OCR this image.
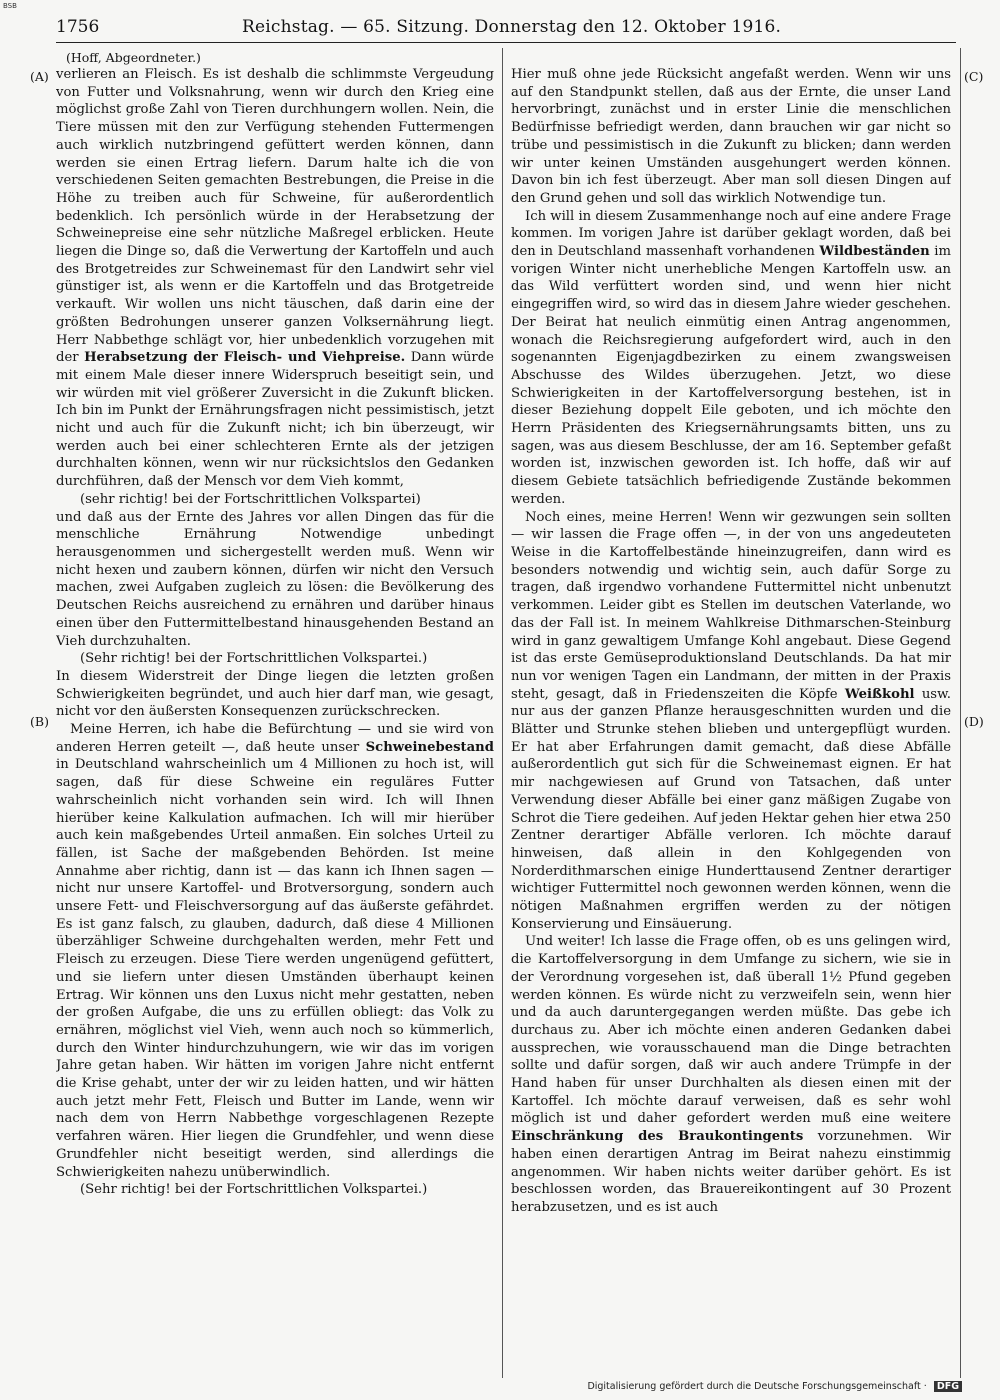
BSB
1756	Reichstag. — 65. Sitzung. Donnerstag den 12. Oktober 1916.
(Hoff, Abgeordneter.)
(A)
(B)
(C)
(D)

verlieren an Fleisch. Es ist deshalb die schlimmste Vergeudung von Futter und Volksnahrung, wenn wir durch den Krieg eine möglichst große Zahl von Tieren durchhungern wollen. Nein, die Tiere müssen mit den zur Verfügung stehenden Futtermengen auch wirklich nutzbringend gefüttert werden können, dann werden sie einen Ertrag liefern. Darum halte ich die von verschiedenen Seiten gemachten Bestrebungen, die Preise in die Höhe zu treiben auch für Schweine, für außerordentlich bedenklich. Ich persönlich würde in der Herabsetzung der Schweinepreise eine sehr nützliche Maßregel erblicken. Heute liegen die Dinge so, daß die Verwertung der Kartoffeln und auch des Brotgetreides zur Schweinemast für den Landwirt sehr viel günstiger ist, als wenn er die Kartoffeln und das Brotgetreide verkauft. Wir wollen uns nicht täuschen, daß darin eine der größten Bedrohungen unserer ganzen Volksernährung liegt. Herr Nabbethge schlägt vor, hier unbedenklich vorzugehen mit der Herabsetzung der Fleisch- und Viehpreise. Dann würde mit einem Male dieser innere Widerspruch beseitigt sein, und wir würden mit viel größerer Zuversicht in die Zukunft blicken. Ich bin im Punkt der Ernährungsfragen nicht pessimistisch, jetzt nicht und auch für die Zukunft nicht; ich bin überzeugt, wir werden auch bei einer schlechteren Ernte als der jetzigen durchhalten können, wenn wir nur rücksichtslos den Gedanken durchführen, daß der Mensch vor dem Vieh kommt,

(sehr richtig! bei der Fortschrittlichen Volkspartei)

und daß aus der Ernte des Jahres vor allen Dingen das für die menschliche Ernährung Notwendige unbedingt herausgenommen und sichergestellt werden muß. Wenn wir nicht hexen und zaubern können, dürfen wir nicht den Versuch machen, zwei Aufgaben zugleich zu lösen: die Bevölkerung des Deutschen Reichs ausreichend zu ernähren und darüber hinaus einen über den Futtermittelbestand hinausgehenden Bestand an Vieh durchzuhalten.

(Sehr richtig! bei der Fortschrittlichen Volkspartei.)

In diesem Widerstreit der Dinge liegen die letzten großen Schwierigkeiten begründet, und auch hier darf man, wie gesagt, nicht vor den äußersten Konsequenzen zurückschrecken.

Meine Herren, ich habe die Befürchtung — und sie wird von anderen Herren geteilt —, daß heute unser Schweinebestand in Deutschland wahrscheinlich um 4 Millionen zu hoch ist, will sagen, daß für diese Schweine ein reguläres Futter wahrscheinlich nicht vorhanden sein wird. Ich will Ihnen hierüber keine Kalkulation aufmachen. Ich will mir hierüber auch kein maßgebendes Urteil anmaßen. Ein solches Urteil zu fällen, ist Sache der maßgebenden Behörden. Ist meine Annahme aber richtig, dann ist — das kann ich Ihnen sagen — nicht nur unsere Kartoffel- und Brotversorgung, sondern auch unsere Fett- und Fleischversorgung auf das äußerste gefährdet. Es ist ganz falsch, zu glauben, dadurch, daß diese 4 Millionen überzähliger Schweine durchgehalten werden, mehr Fett und Fleisch zu erzeugen. Diese Tiere werden ungenügend gefüttert, und sie liefern unter diesen Umständen überhaupt keinen Ertrag. Wir können uns den Luxus nicht mehr gestatten, neben der großen Aufgabe, die uns zu erfüllen obliegt: das Volk zu ernähren, möglichst viel Vieh, wenn auch noch so kümmerlich, durch den Winter hindurchzuhungern, wie wir das im vorigen Jahre getan haben. Wir hätten im vorigen Jahre nicht entfernt die Krise gehabt, unter der wir zu leiden hatten, und wir hätten auch jetzt mehr Fett, Fleisch und Butter im Lande, wenn wir nach dem von Herrn Nabbethge vorgeschlagenen Rezepte verfahren wären. Hier liegen die Grundfehler, und wenn diese Grundfehler nicht beseitigt werden, sind allerdings die Schwierigkeiten nahezu unüberwindlich.

(Sehr richtig! bei der Fortschrittlichen Volkspartei.)

Hier muß ohne jede Rücksicht angefaßt werden. Wenn wir uns auf den Standpunkt stellen, daß aus der Ernte, die unser Land hervorbringt, zunächst und in erster Linie die menschlichen Bedürfnisse befriedigt werden, dann brauchen wir gar nicht so trübe und pessimistisch in die Zukunft zu blicken; dann werden wir unter keinen Umständen ausgehungert werden können. Davon bin ich fest überzeugt. Aber man soll diesen Dingen auf den Grund gehen und soll das wirklich Notwendige tun.

Ich will in diesem Zusammenhange noch auf eine andere Frage kommen. Im vorigen Jahre ist darüber geklagt worden, daß bei den in Deutschland massenhaft vorhandenen Wildbeständen im vorigen Winter nicht unerhebliche Mengen Kartoffeln usw. an das Wild verfüttert worden sind, und wenn hier nicht eingegriffen wird, so wird das in diesem Jahre wieder geschehen. Der Beirat hat neulich einmütig einen Antrag angenommen, wonach die Reichsregierung aufgefordert wird, auch in den sogenannten Eigenjagdbezirken zu einem zwangsweisen Abschusse des Wildes überzugehen. Jetzt, wo diese Schwierigkeiten in der Kartoffelversorgung bestehen, ist in dieser Beziehung doppelt Eile geboten, und ich möchte den Herrn Präsidenten des Kriegsernährungsamts bitten, uns zu sagen, was aus diesem Beschlusse, der am 16. September gefaßt worden ist, inzwischen geworden ist. Ich hoffe, daß wir auf diesem Gebiete tatsächlich befriedigende Zustände bekommen werden.

Noch eines, meine Herren! Wenn wir gezwungen sein sollten — wir lassen die Frage offen —, in der von uns angedeuteten Weise in die Kartoffelbestände hineinzugreifen, dann wird es besonders notwendig und wichtig sein, auch dafür Sorge zu tragen, daß irgendwo vorhandene Futtermittel nicht unbenutzt verkommen. Leider gibt es Stellen im deutschen Vaterlande, wo das der Fall ist. In meinem Wahlkreise Dithmarschen-Steinburg wird in ganz gewaltigem Umfange Kohl angebaut. Diese Gegend ist das erste Gemüseproduktionsland Deutschlands. Da hat mir nun vor wenigen Tagen ein Landmann, der mitten in der Praxis steht, gesagt, daß in Friedenszeiten die Köpfe Weißkohl usw. nur aus der ganzen Pflanze herausgeschnitten wurden und die Blätter und Strunke stehen blieben und untergepflügt wurden. Er hat aber Erfahrungen damit gemacht, daß diese Abfälle außerordentlich gut sich für die Schweinemast eignen. Er hat mir nachgewiesen auf Grund von Tatsachen, daß unter Verwendung dieser Abfälle bei einer ganz mäßigen Zugabe von Schrot die Tiere gedeihen. Auf jeden Hektar gehen hier etwa 250 Zentner derartiger Abfälle verloren. Ich möchte darauf hinweisen, daß allein in den Kohlgegenden von Norderdithmarschen einige Hunderttausend Zentner derartiger wichtiger Futtermittel noch gewonnen werden können, wenn die nötigen Maßnahmen ergriffen werden zu der nötigen Konservierung und Einsäuerung.

Und weiter! Ich lasse die Frage offen, ob es uns gelingen wird, die Kartoffelversorgung in dem Umfange zu sichern, wie sie in der Verordnung vorgesehen ist, daß überall 1½ Pfund gegeben werden können. Es würde nicht zu verzweifeln sein, wenn hier und da auch daruntergegangen werden müßte. Das gebe ich durchaus zu. Aber ich möchte einen anderen Gedanken dabei aussprechen, wie vorausschauend man die Dinge betrachten sollte und dafür sorgen, daß wir auch andere Trümpfe in der Hand haben für unser Durchhalten als diesen einen mit der Kartoffel. Ich möchte darauf verweisen, daß es sehr wohl möglich ist und daher gefordert werden muß eine weitere Einschränkung des Braukontingents vorzunehmen. Wir haben einen derartigen Antrag im Beirat nahezu einstimmig angenommen. Wir haben nichts weiter darüber gehört. Es ist beschlossen worden, das Brauereikontingent auf 30 Prozent herabzusetzen, und es ist auch

Digitalisierung gefördert durch die Deutsche Forschungsgemeinschaft · DFG
